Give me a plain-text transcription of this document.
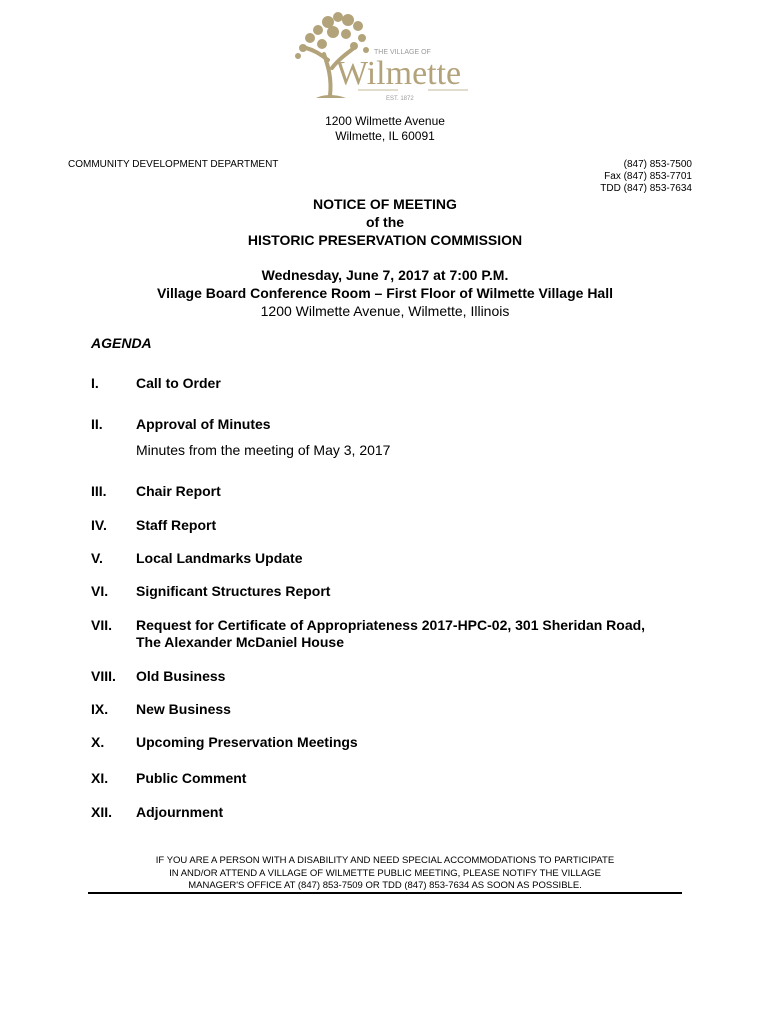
THE VILLAGE OF
Wilmette
EST. 1872
1200 Wilmette Avenue
Wilmette, IL 60091
COMMUNITY DEVELOPMENT DEPARTMENT	(847) 853-7500
Fax (847) 853-7701
TDD (847) 853-7634
NOTICE OF MEETING
of the
HISTORIC PRESERVATION COMMISSION
Wednesday, June 7, 2017 at 7:00 P.M.
Village Board Conference Room – First Floor of Wilmette Village Hall
1200 Wilmette Avenue, Wilmette, Illinois
AGENDA
I.	Call to Order
II. Approval of Minutes
Minutes from the meeting of May 3, 2017
III. Chair Report
IV. Staff Report
V. Local Landmarks Update
VI. Significant Structures Report
VII. Request for Certificate of Appropriateness 2017-HPC-02, 301 Sheridan Road,
The Alexander McDaniel House
VIII. Old Business
IX. New Business
X. Upcoming Preservation Meetings
XI. Public Comment
XII. Adjournment
IF YOU ARE A PERSON WITH A DISABILITY AND NEED SPECIAL ACCOMMODATIONS TO PARTICIPATE
IN AND/OR ATTEND A VILLAGE OF WILMETTE PUBLIC MEETING, PLEASE NOTIFY THE VILLAGE
MANAGER'S OFFICE AT (847) 853-7509 OR TDD (847) 853-7634 AS SOON AS POSSIBLE.
